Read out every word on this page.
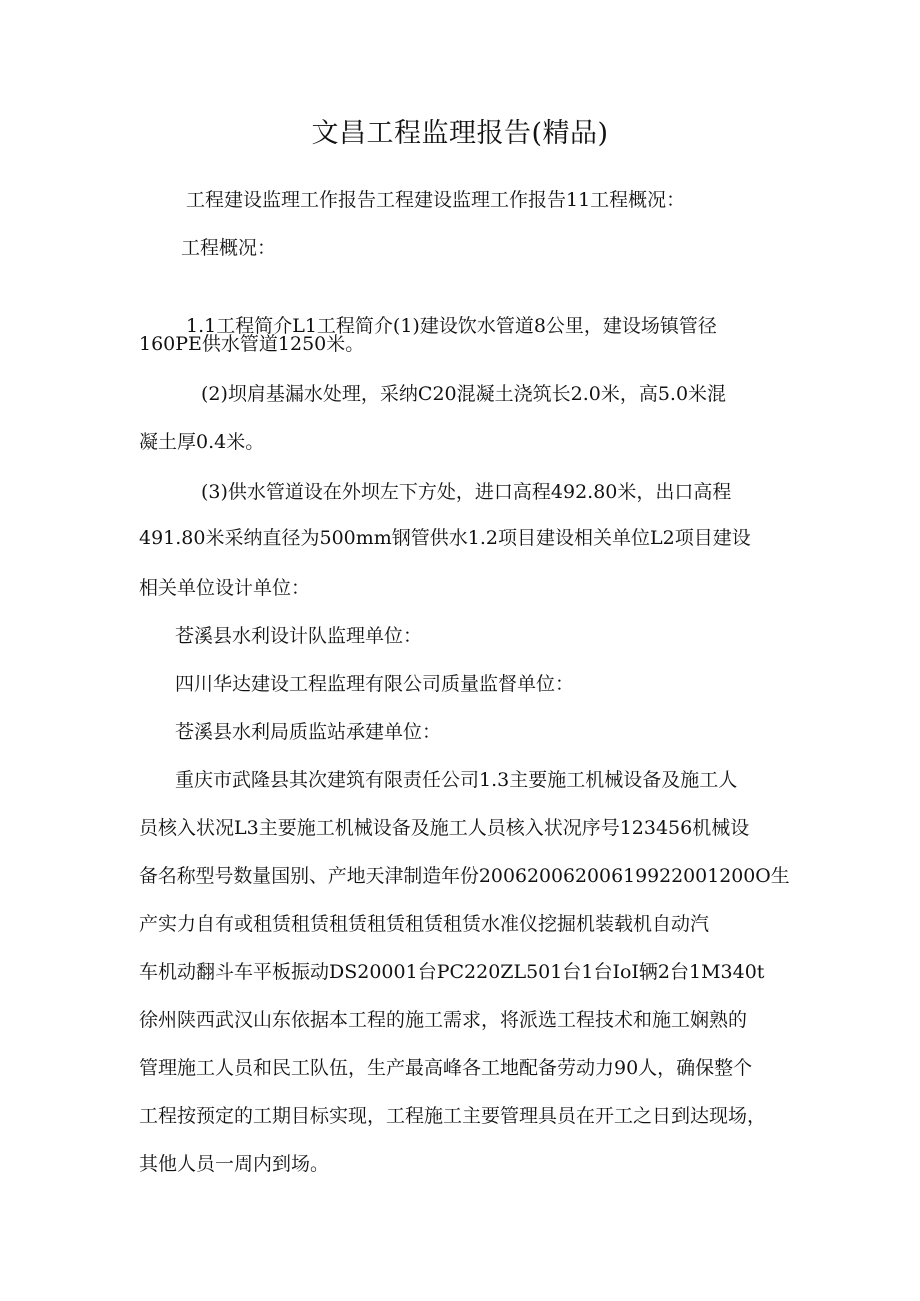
文昌工程监理报告(精品)

工程建设监理工作报告工程建设监理工作报告11工程概况：

工程概况：

1.1工程简介L1工程简介(1)建设饮水管道8公里，建设场镇管径

160PE供水管道1250米。

(2)坝肩基漏水处理，采纳C20混凝土浇筑长2.0米，高5.0米混

凝土厚0.4米。

(3)供水管道设在外坝左下方处，进口高程492.80米，出口高程

491.80米采纳直径为500mm钢管供水1.2项目建设相关单位L2项目建设

相关单位设计单位：

苍溪县水利设计队监理单位：

四川华达建设工程监理有限公司质量监督单位：

苍溪县水利局质监站承建单位：

重庆市武隆县其次建筑有限责任公司1.3主要施工机械设备及施工人

员核入状况L3主要施工机械设备及施工人员核入状况序号123456机械设

备名称型号数量国别、产地天津制造年份20062006200619922001200O生

产实力自有或租赁租赁租赁租赁租赁租赁水准仪挖掘机装载机自动汽

车机动翻斗车平板振动DS20001台PC220ZL501台1台IoI辆2台1M340t

徐州陕西武汉山东依据本工程的施工需求，将派选工程技术和施工娴熟的

管理施工人员和民工队伍，生产最高峰各工地配备劳动力90人，确保整个

工程按预定的工期目标实现，工程施工主要管理具员在开工之日到达现场，

其他人员一周内到场。
